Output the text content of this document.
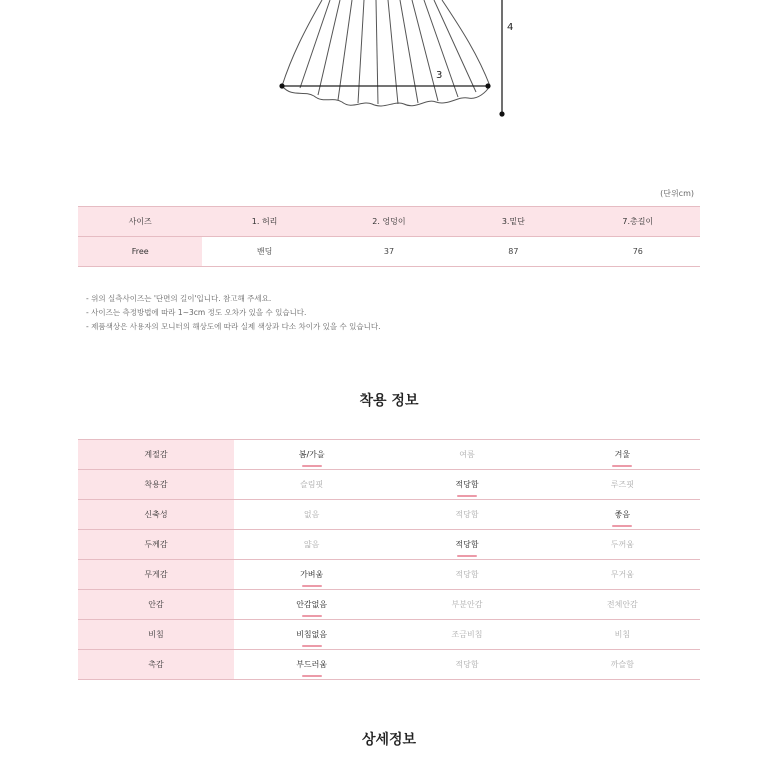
4
3
(단위cm)
사이즈	1. 허리	2. 엉덩이	3.밑단	7.총길이
Free	밴딩	37	87	76
- 위의 실측사이즈는 '단면의 길이'입니다. 참고해 주세요.
- 사이즈는 측정방법에 따라 1~3cm 정도 오차가 있을 수 있습니다.
- 제품색상은 사용자의 모니터의 해상도에 따라 실제 색상과 다소 차이가 있을 수 있습니다.
착용 정보
계절감	봄/가을	여름	겨울

착용감	슬림핏	적당함	루즈핏
신축성	없음	적당함	좋음

두께감	얇음	적당함	두꺼움
무게감	가벼움	적당함	무거움
안감	안감없음	부분안감	전체안감
비침	비침없음	조금비침	비침
촉감	부드러움	적당함	까슬함
상세정보
